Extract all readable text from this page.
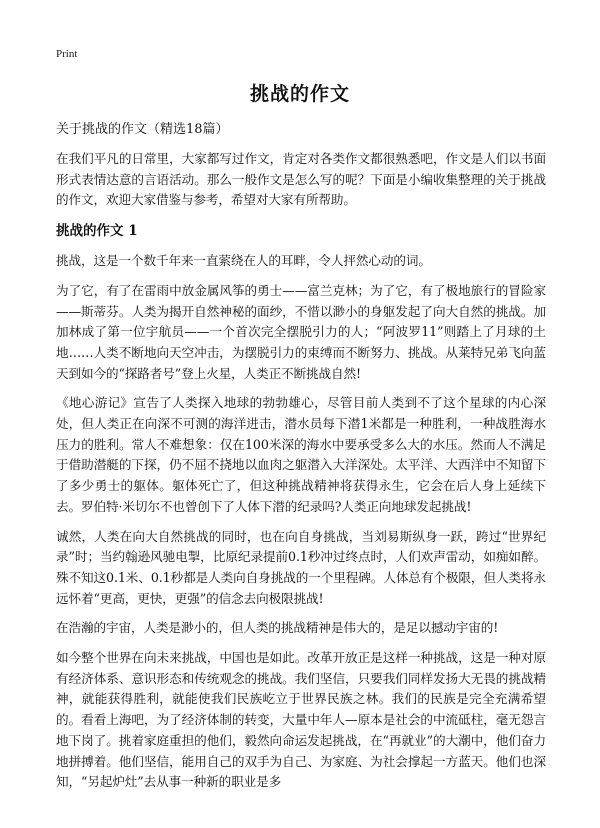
Print
挑战的作文
关于挑战的作文（精选18篇）

在我们平凡的日常里，大家都写过作文，肯定对各类作文都很熟悉吧，作文是人们以书面形式表情达意的言语活动。那么一般作文是怎么写的呢？下面是小编收集整理的关于挑战的作文，欢迎大家借鉴与参考，希望对大家有所帮助。

挑战的作文 1

挑战，这是一个数千年来一直萦绕在人的耳畔，令人抨然心动的词。

为了它，有了在雷雨中放金属风筝的勇士——富兰克林；为了它，有了极地旅行的冒险家——斯蒂芬。人类为揭开自然神秘的面纱，不惜以渺小的身躯发起了向大自然的挑战。加加林成了第一位宇航员——一个首次完全摆脱引力的人；“阿波罗11”则踏上了月球的土地……人类不断地向天空冲击，为摆脱引力的束缚而不断努力、挑战。从莱特兄弟飞向蓝天到如今的“探路者号”登上火星，人类正不断挑战自然!

《地心游记》宣告了人类探入地球的勃勃雄心，尽管目前人类到不了这个星球的内心深处，但人类正在向深不可测的海洋进击，潜水员每下潜1米都是一种胜利，一种战胜海水压力的胜利。常人不难想象：仅在100米深的海水中要承受多么大的水压。然而人不满足于借助潜艇的下探，仍不屈不挠地以血肉之躯潜入大洋深处。太平洋、大西洋中不知留下了多少勇士的躯体。躯体死亡了，但这种挑战精神将获得永生，它会在后人身上延续下去。罗伯特·米切尔不也曾创下了人体下潜的纪录吗?人类正向地球发起挑战!

诚然，人类在向大自然挑战的同时，也在向自身挑战，当刘易斯纵身一跃，跨过“世界纪录”时；当约翰逊风驰电掣，比原纪录提前0.1秒冲过终点时，人们欢声雷动，如痴如醉。殊不知这0.1米、0.1秒都是人类向自身挑战的一个里程碑。人体总有个极限，但人类将永远怀着“更高，更快，更强”的信念去向极限挑战!

在浩瀚的宇宙，人类是渺小的，但人类的挑战精神是伟大的，是足以撼动宇宙的!

如今整个世界在向未来挑战，中国也是如此。改革开放正是这样一种挑战，这是一种对原有经济体系、意识形态和传统观念的挑战。我们坚信，只要我们同样发扬大无畏的挑战精神，就能获得胜利，就能使我们民族屹立于世界民族之林。我们的民族是完全充满希望的。看看上海吧，为了经济体制的转变，大量中年人—原本是社会的中流砥柱，毫无怨言地下岗了。挑着家庭重担的他们，毅然向命运发起挑战，在“再就业”的大潮中，他们奋力地拼搏着。他们坚信，能用自己的双手为自己、为家庭、为社会撑起一方蓝天。他们也深知，“另起炉灶”去从事一种新的职业是多
